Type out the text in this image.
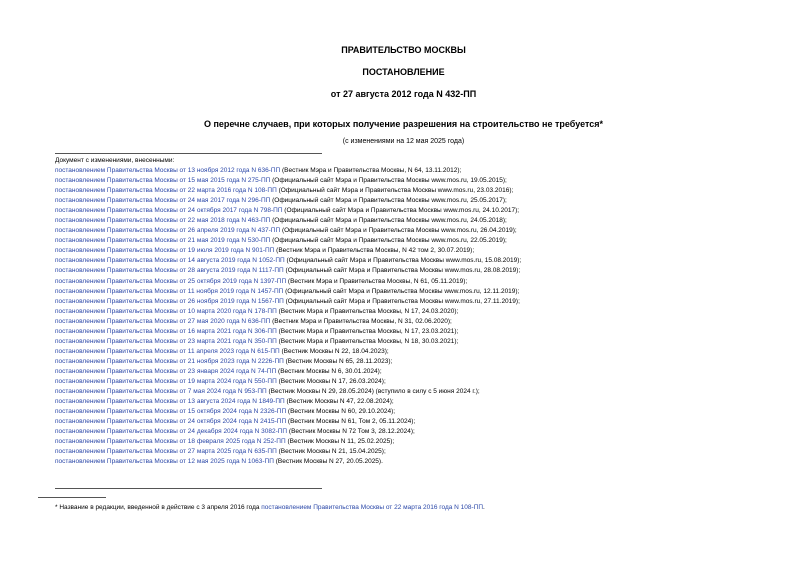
ПРАВИТЕЛЬСТВО МОСКВЫ
ПОСТАНОВЛЕНИЕ
от 27 августа 2012 года N 432-ПП
О перечне случаев, при которых получение разрешения на строительство не требуется*
(с изменениями на 12 мая 2025 года)
Документ с изменениями, внесенными:
постановлением Правительства Москвы от 13 ноября 2012 года N 636-ПП (Вестник Мэра и Правительства Москвы, N 64, 13.11.2012);
постановлением Правительства Москвы от 15 мая 2015 года N 275-ПП (Официальный сайт Мэра и Правительства Москвы www.mos.ru, 19.05.2015);
постановлением Правительства Москвы от 22 марта 2016 года N 108-ПП (Официальный сайт Мэра и Правительства Москвы www.mos.ru, 23.03.2016);
постановлением Правительства Москвы от 24 мая 2017 года N 296-ПП (Официальный сайт Мэра и Правительства Москвы www.mos.ru, 25.05.2017);
постановлением Правительства Москвы от 24 октября 2017 года N 798-ПП (Официальный сайт Мэра и Правительства Москвы www.mos.ru, 24.10.2017);
постановлением Правительства Москвы от 22 мая 2018 года N 463-ПП (Официальный сайт Мэра и Правительства Москвы www.mos.ru, 24.05.2018);
постановлением Правительства Москвы от 26 апреля 2019 года N 437-ПП (Официальный сайт Мэра и Правительства Москвы www.mos.ru, 26.04.2019);
постановлением Правительства Москвы от 21 мая 2019 года N 530-ПП (Официальный сайт Мэра и Правительства Москвы www.mos.ru, 22.05.2019);
постановлением Правительства Москвы от 19 июля 2019 года N 901-ПП (Вестник Мэра и Правительства Москвы, N 42 том 2, 30.07.2019);
постановлением Правительства Москвы от 14 августа 2019 года N 1052-ПП (Официальный сайт Мэра и Правительства Москвы www.mos.ru, 15.08.2019);
постановлением Правительства Москвы от 28 августа 2019 года N 1117-ПП (Официальный сайт Мэра и Правительства Москвы www.mos.ru, 28.08.2019);
постановлением Правительства Москвы от 25 октября 2019 года N 1397-ПП (Вестник Мэра и Правительства Москвы, N 61, 05.11.2019);
постановлением Правительства Москвы от 11 ноября 2019 года N 1457-ПП (Официальный сайт Мэра и Правительства Москвы www.mos.ru, 12.11.2019);
постановлением Правительства Москвы от 26 ноября 2019 года N 1567-ПП (Официальный сайт Мэра и Правительства Москвы www.mos.ru, 27.11.2019);
постановлением Правительства Москвы от 10 марта 2020 года N 178-ПП (Вестник Мэра и Правительства Москвы, N 17, 24.03.2020);
постановлением Правительства Москвы от 27 мая 2020 года N 636-ПП (Вестник Мэра и Правительства Москвы, N 31, 02.06.2020);
постановлением Правительства Москвы от 16 марта 2021 года N 306-ПП (Вестник Мэра и Правительства Москвы, N 17, 23.03.2021);
постановлением Правительства Москвы от 23 марта 2021 года N 350-ПП (Вестник Мэра и Правительства Москвы, N 18, 30.03.2021);
постановлением Правительства Москвы от 11 апреля 2023 года N 615-ПП (Вестник Москвы N 22, 18.04.2023);
постановлением Правительства Москвы от 21 ноября 2023 года N 2226-ПП (Вестник Москвы N 65, 28.11.2023);
постановлением Правительства Москвы от 23 января 2024 года N 74-ПП (Вестник Москвы N 6, 30.01.2024);
постановлением Правительства Москвы от 19 марта 2024 года N 550-ПП (Вестник Москвы N 17, 26.03.2024);
постановлением Правительства Москвы от 7 мая 2024 года N 953-ПП (Вестник Москвы N 29, 28.05.2024) (вступило в силу с 5 июня 2024 г.);
постановлением Правительства Москвы от 13 августа 2024 года N 1849-ПП (Вестник Москвы N 47, 22.08.2024);
постановлением Правительства Москвы от 15 октября 2024 года N 2326-ПП (Вестник Москвы N 60, 29.10.2024);
постановлением Правительства Москвы от 24 октября 2024 года N 2415-ПП (Вестник Москвы N 61, Том 2, 05.11.2024);
постановлением Правительства Москвы от 24 декабря 2024 года N 3082-ПП (Вестник Москвы N 72 Том 3, 28.12.2024);
постановлением Правительства Москвы от 18 февраля 2025 года N 252-ПП (Вестник Москвы N 11, 25.02.2025);
постановлением Правительства Москвы от 27 марта 2025 года N 635-ПП (Вестник Москвы N 21, 15.04.2025);
постановлением Правительства Москвы от 12 мая 2025 года N 1063-ПП (Вестник Москвы N 27, 20.05.2025).
* Название в редакции, введенной в действие с 3 апреля 2016 года постановлением Правительства Москвы от 22 марта 2016 года N 108-ПП.
